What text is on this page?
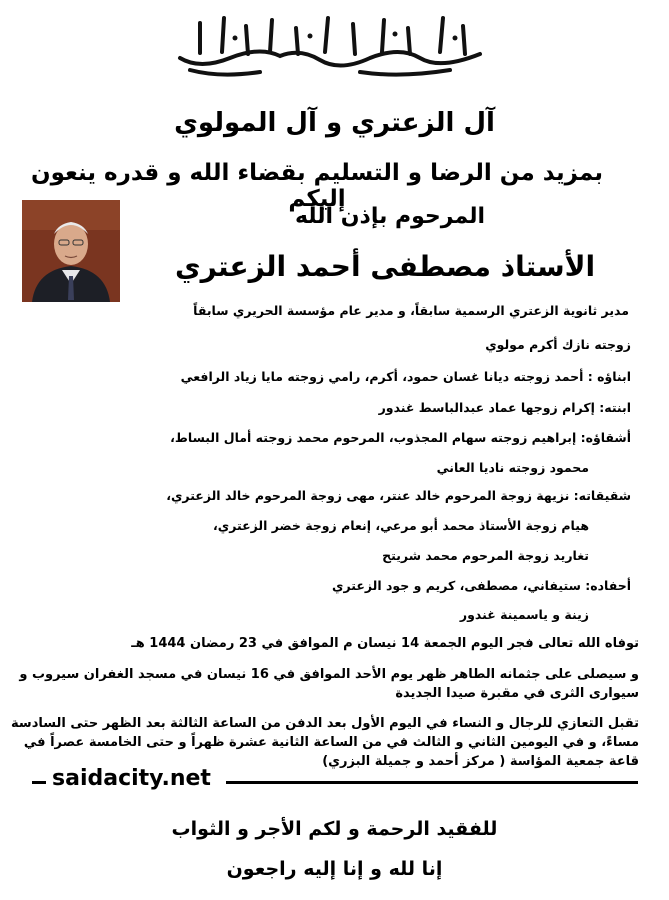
آل الزعتري و آل المولوي
بمزيد من الرضا و التسليم بقضاء الله و قدره ينعون إليكم
المرحوم بإذن الله
الأستاذ مصطفى أحمد الزعتري
مدير ثانوية الزعتري الرسمية سابقاً، و مدير عام مؤسسة الحريري سابقاً
زوجته نازك أكرم مولوي
ابناؤه : أحمد زوجته ديانا غسان حمود، أكرم، رامي زوجته مايا زياد الرافعي
ابنته: إكرام زوجها عماد عبدالباسط غندور
أشقاؤه: إبراهيم زوجته سهام المجذوب، المرحوم محمد زوجته أمال البساط،
محمود زوجته ناديا العاني
شقيقاته: نزيهة زوجة المرحوم خالد عنتر، مهى زوجة المرحوم خالد الزعتري،
هيام زوجة الأستاذ محمد أبو مرعي، إنعام زوجة خضر الزعتري،
تغاريد زوجة المرحوم محمد شريتح
أحفاده: ستيفاني، مصطفى، كريم و جود الزعتري
زينة و ياسمينة غندور
توفاه الله تعالى فجر اليوم الجمعة 14 نيسان م الموافق في 23 رمضان 1444 هـ
و سيصلى على جثمانه الطاهر ظهر يوم الأحد الموافق في 16 نيسان في مسجد الغفران سيروب و
سيوارى الثرى في مقبرة صيدا الجديدة
تقبل التعازي للرجال و النساء في اليوم الأول بعد الدفن من الساعة الثالثة بعد الظهر حتى السادسة
مساءً، و في اليومين الثاني و الثالث في من الساعة الثانية عشرة ظهراً و حتى الخامسة عصراً في
قاعة جمعية المؤاسة ( مركز أحمد و جميلة البزري)
saidacity.net
للفقيد الرحمة و لكم الأجر و الثواب
إنا لله و إنا إليه راجعون
